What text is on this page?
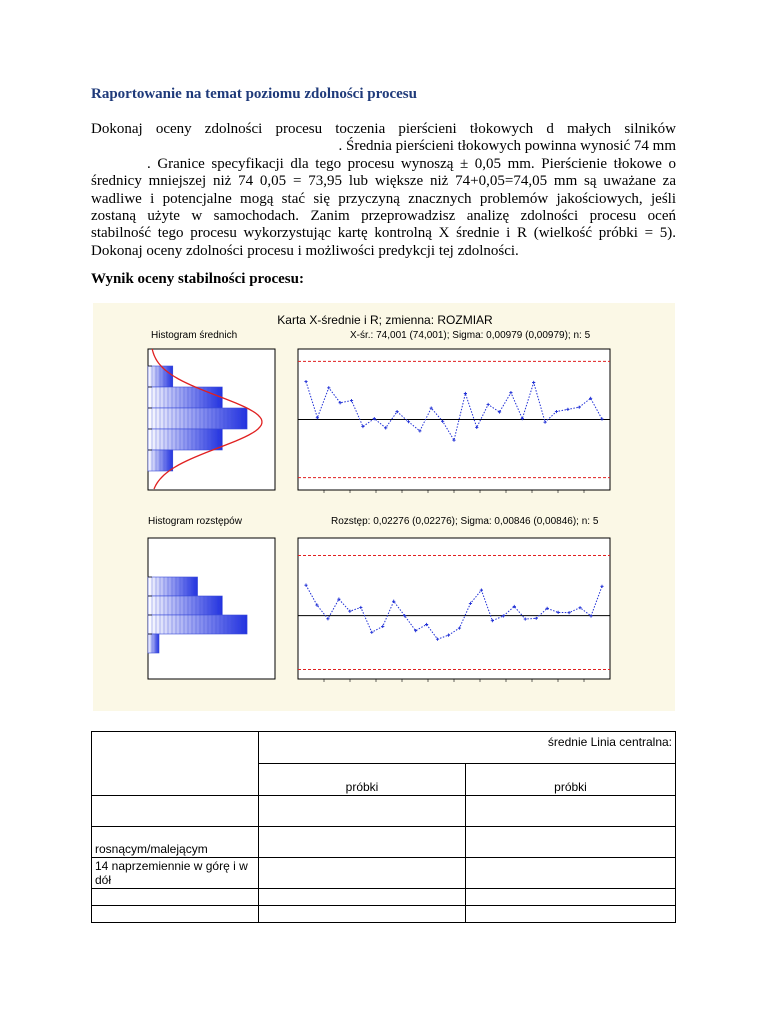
Raportowanie na temat poziomu zdolności procesu
Dokonaj oceny zdolności procesu toczenia pierścieni tłokowych d małych silników
. Średnia pierścieni tłokowych powinna wynosić 74 mm
. Granice specyfikacji dla tego procesu wynoszą ± 0,05 mm. Pierścienie tłokowe o
średnicy mniejszej niż 74 0,05 = 73,95 lub większe niż 74+0,05=74,05 mm są uważane za
wadliwe i potencjalne mogą stać się przyczyną znacznych problemów jakościowych, jeśli
zostaną użyte w samochodach. Zanim przeprowadzisz analizę zdolności procesu oceń
stabilność tego procesu wykorzystując kartę kontrolną X średnie i R (wielkość próbki = 5).
Dokonaj oceny zdolności procesu i możliwości predykcji tej zdolności.
Wynik oceny stabilności procesu:
Karta X-średnie i R; zmienna: ROZMIAR
Histogram średnich	X-śr.: 74,001 (74,001); Sigma: 0,00979 (0,00979); n: 5
Histogram rozstępów	Rozstęp: 0,02276 (0,02276); Sigma: 0,00846 (0,00846); n: 5
	średnie Linia centralna:	
	próbki	próbki

rosnącym/malejącym		
14 naprzemiennie w górę i w dół		
